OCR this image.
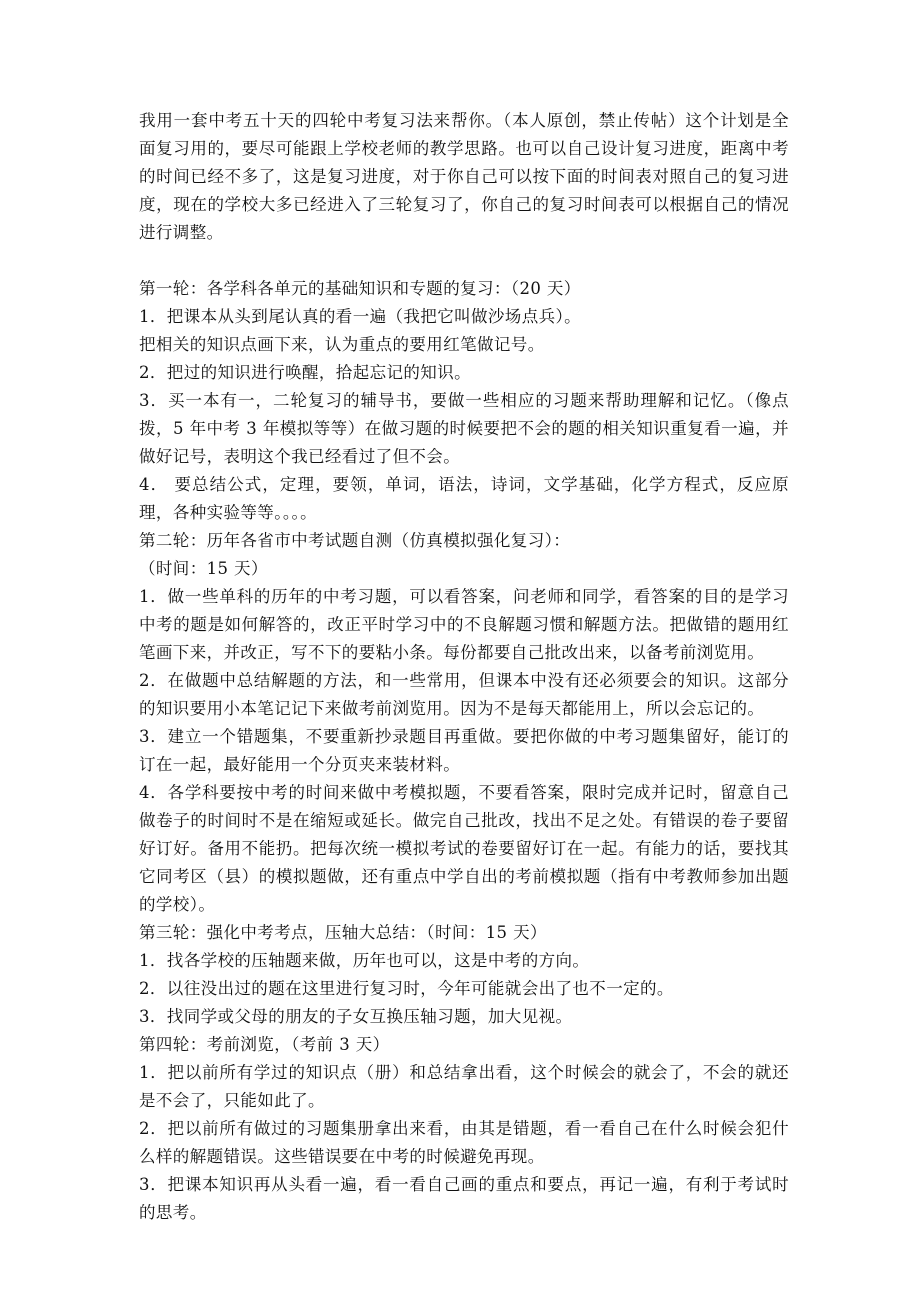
我用一套中考五十天的四轮中考复习法来帮你。（本人原创，禁止传帖）这个计划是全面复习用的，要尽可能跟上学校老师的教学思路。也可以自己设计复习进度，距离中考的时间已经不多了，这是复习进度，对于你自己可以按下面的时间表对照自己的复习进度，现在的学校大多已经进入了三轮复习了，你自己的复习时间表可以根据自己的情况进行调整。

第一轮：各学科各单元的基础知识和专题的复习：（20 天）

1．把课本从头到尾认真的看一遍（我把它叫做沙场点兵）。

把相关的知识点画下来，认为重点的要用红笔做记号。

2．把过的知识进行唤醒，拾起忘记的知识。

3．买一本有一，二轮复习的辅导书，要做一些相应的习题来帮助理解和记忆。（像点拨，5 年中考 3 年模拟等等）在做习题的时候要把不会的题的相关知识重复看一遍，并做好记号，表明这个我已经看过了但不会。

4． 要总结公式，定理，要领，单词，语法，诗词，文学基础，化学方程式，反应原理，各种实验等等。。。。

第二轮：历年各省市中考试题自测（仿真模拟强化复习）：

（时间：15 天）

1．做一些单科的历年的中考习题，可以看答案，问老师和同学，看答案的目的是学习中考的题是如何解答的，改正平时学习中的不良解题习惯和解题方法。把做错的题用红笔画下来，并改正，写不下的要粘小条。每份都要自己批改出来，以备考前浏览用。

2．在做题中总结解题的方法，和一些常用，但课本中没有还必须要会的知识。这部分的知识要用小本笔记记下来做考前浏览用。因为不是每天都能用上，所以会忘记的。

3．建立一个错题集，不要重新抄录题目再重做。要把你做的中考习题集留好，能订的订在一起，最好能用一个分页夹来装材料。

4．各学科要按中考的时间来做中考模拟题，不要看答案，限时完成并记时，留意自己做卷子的时间时不是在缩短或延长。做完自己批改，找出不足之处。有错误的卷子要留好订好。备用不能扔。把每次统一模拟考试的卷要留好订在一起。有能力的话，要找其它同考区（县）的模拟题做，还有重点中学自出的考前模拟题（指有中考教师参加出题的学校）。

第三轮：强化中考考点，压轴大总结：（时间：15 天）

1．找各学校的压轴题来做，历年也可以，这是中考的方向。

2．以往没出过的题在这里进行复习时，今年可能就会出了也不一定的。

3．找同学或父母的朋友的子女互换压轴习题，加大见视。

第四轮：考前浏览，（考前 3 天）

1．把以前所有学过的知识点（册）和总结拿出看，这个时候会的就会了，不会的就还是不会了，只能如此了。

2．把以前所有做过的习题集册拿出来看，由其是错题，看一看自己在什么时候会犯什么样的解题错误。这些错误要在中考的时候避免再现。

3．把课本知识再从头看一遍，看一看自己画的重点和要点，再记一遍，有利于考试时的思考。
